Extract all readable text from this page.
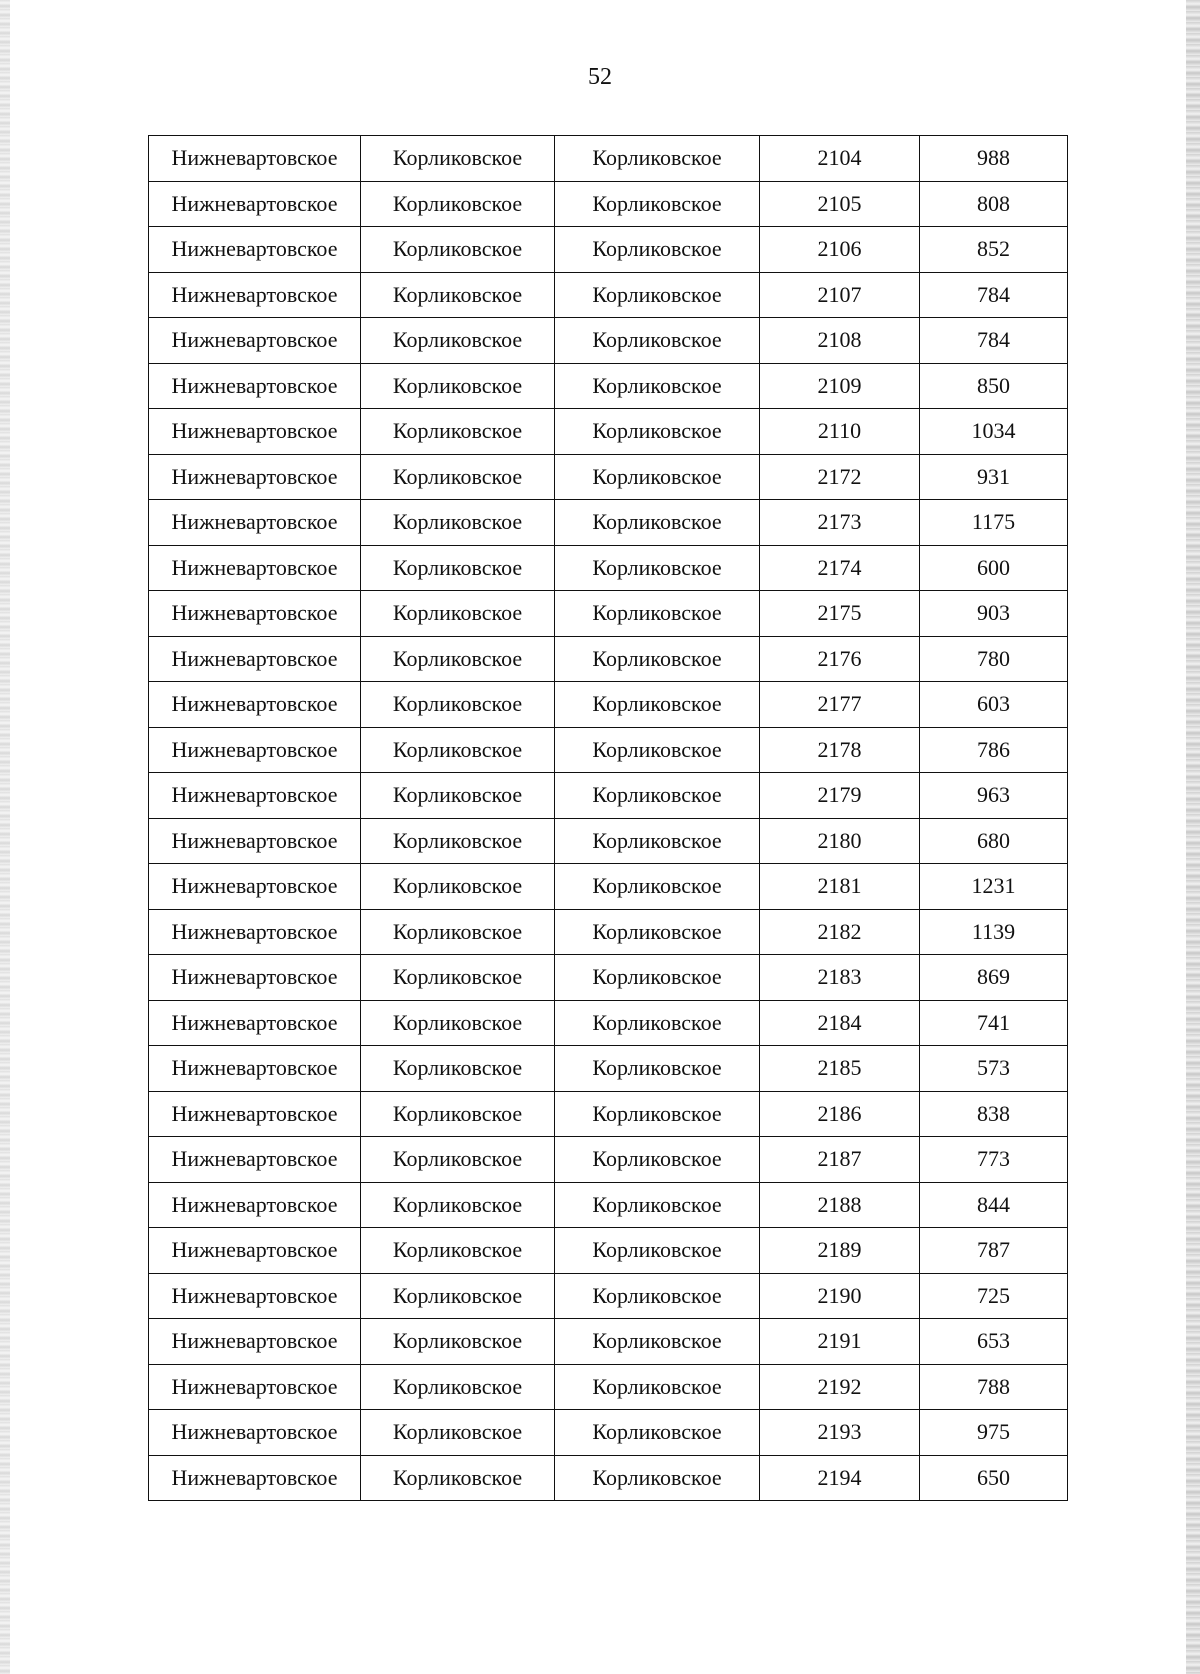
52
Нижневартовское	Корликовское	Корликовское	2104	988
Нижневартовское	Корликовское	Корликовское	2105	808
Нижневартовское	Корликовское	Корликовское	2106	852
Нижневартовское	Корликовское	Корликовское	2107	784
Нижневартовское	Корликовское	Корликовское	2108	784
Нижневартовское	Корликовское	Корликовское	2109	850
Нижневартовское	Корликовское	Корликовское	2110	1034
Нижневартовское	Корликовское	Корликовское	2172	931
Нижневартовское	Корликовское	Корликовское	2173	1175
Нижневартовское	Корликовское	Корликовское	2174	600
Нижневартовское	Корликовское	Корликовское	2175	903
Нижневартовское	Корликовское	Корликовское	2176	780
Нижневартовское	Корликовское	Корликовское	2177	603
Нижневартовское	Корликовское	Корликовское	2178	786
Нижневартовское	Корликовское	Корликовское	2179	963
Нижневартовское	Корликовское	Корликовское	2180	680
Нижневартовское	Корликовское	Корликовское	2181	1231
Нижневартовское	Корликовское	Корликовское	2182	1139
Нижневартовское	Корликовское	Корликовское	2183	869
Нижневартовское	Корликовское	Корликовское	2184	741
Нижневартовское	Корликовское	Корликовское	2185	573
Нижневартовское	Корликовское	Корликовское	2186	838
Нижневартовское	Корликовское	Корликовское	2187	773
Нижневартовское	Корликовское	Корликовское	2188	844
Нижневартовское	Корликовское	Корликовское	2189	787
Нижневартовское	Корликовское	Корликовское	2190	725
Нижневартовское	Корликовское	Корликовское	2191	653
Нижневартовское	Корликовское	Корликовское	2192	788
Нижневартовское	Корликовское	Корликовское	2193	975
Нижневартовское	Корликовское	Корликовское	2194	650
